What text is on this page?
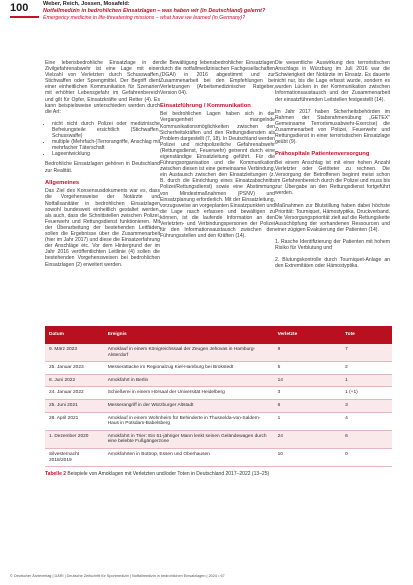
100	Weber, Reich, Jossen, Mosafeld:
Notfallmedizin in bedrohlichen Einsatzlagen – was haben wir (in Deutschland) gelernt?
Emergency medicine in life-threatening missions – what have we learned (in Germany)?

Eine lebensbedrohliche Einsatzlage in der Zivilgefahrenabwehr ist eine Lage mit einer Vielzahl von Verletzten durch Schusswaffen, Stichwaffen oder Sprengmittel. Der Begriff dient einer einheitlichen Kommunikation für Szenarien mit erhöhter Lebensgefahr im Gefahrenbereich und gilt für Opfer, Einsatzkräfte und Retter (4). Es kann beispielsweise unterschieden werden durch die Art:

• nicht nicht durch Polizei oder medizinische Befreiungsteile ersichtlich (Stichwaffen, Schusswaffe)
• multiple (Mehrfach-)Terrorangriffe, Anschlag mit mehrfacher Täterschaft
• Lageentwicklung

Bedrohliche Einsatzlagen gehören in Deutschland zur Realität.

Allgemeines

Das Ziel des Konsensusdokuments war es, dass die Vorgehensweise der Notärzte und Notfallsanitäter in bedrohlichen Einsatzlagen sowohl bundesweit einheitlich gestaltet werden, als auch, dass die Schnittstellen zwischen Polizei, Feuerwehr und Rettungsdienst funktionieren. Mit der Überarbeitung der bestehenden Leitfäden sollen die Ergebnisse über die Zusammenarbeit (hier im Jahr 2017) und diese die Einsatzerfahrung der Anschläge etc. Vor dem Hintergrund der im Jahr 2016 veröffentlichten Leitlinie (4) sollen die bestehenden Vorgehensweisen bei bedrohlichen Einsatzlagen (2) erweitert werden.

die Bewältigung lebensbedrohlicher Einsatzlagen durch die notfallmedizinischen Fachgesellschaften (DGAI) in 2016 abgestimmt und zur Zusammenarbeit bei den Empfehlungen bei Verletzungen (Arbeitsmedizinischer Ratgeber, Version 04).

Einsatzführung / Kommunikation

Bei bedrohlichen Lagen haben sich in der Vergangenheit mangelnde Kommunikationsmöglichkeiten zwischen den Sicherheitskräften und den Rettungsdiensten als Problem dargestellt (7, 18). In Deutschland werden Polizei und nichtpolizeiliche Gefahrenabwehr (Rettungsdienst, Feuerwehr) getrennt durch eine eigenständige Einsatzleitung geführt. Für die Führungsorganisation und die Kommunikation zwischen diesen ist eine gemeinsame Verbindung, ein Austausch zwischen den Einsatzleitungen (z. B. durch die Einrichtung eines Einsatzabschnitts Polizei/Rettungsdienst) sowie eine Abstimmung von Mindestmaßnahmen (PSNV) und Einsatzplanung erforderlich. Mit der Einsatzleitung, vorzugsweise an vorgeplanten Einsatzpunkten und die Lage rasch erfassen und bewältigen zu können, ist die laufende Information an den Verletzten- und Verbindungspersonen der Polizei für den Informationsaustausch zwischen den Führungsstellen und den Kräften (14).

Die wesentliche Auswirkung des terroristischen Anschlags in Würzburg im Juli 2016 war die Schwierigkeit der Notärzte im Einsatz. Es dauerte nicht nur, bis die Lage erfasst wurde, sondern es wurden Lücken in der Kommunikation zwischen Informationsaustausch und der Zusammenarbeit der einsatzführenden Leitstellen festgestellt (14).

Im Jahr 2017 haben Sicherheitsbehörden im Rahmen der Stabsrahmenübung „GETEX" Gemeinsame Terrorismusabwehr-Exercise) die Zusammenarbeit von Polizei, Feuerwehr und Rettungsdienst in einer terroristischen Einsatzlage geübt (9).

Prähospitale Patientenversorgung

Bei einem Anschlag ist mit einer hohen Anzahl Verletzter oder Getöteter zu rechnen. Die Versorgung der Betroffenen beginnt meist schon im Gefahrenbereich durch die Polizei und muss bis zur Übergabe an den Rettungsdienst fortgeführt werden.

Maßnahmen zur Blutstillung haben dabei höchste Priorität: Tourniquet, Hämostyptika, Druckverband. Die Versorgungspriorität zielt auf die Rettungskette Ausschöpfung der vorhandenen Ressourcen und einer zügigen Evakuierung der Patienten (14).

1. Rasche Identifizierung der Patienten mit hohem Risiko für Verblutung und

2. Blutungskontrolle durch Tourniquet-Anlage an den Extremitäten oder Hämostyptika.

Datum	Ereignis	Verletzte	Tote
9. März 2023	Amoklauf in einem Königreichssaal der Zeugen Jehovas in Hamburg-Alsterdorf	9	7
25. Januar 2023	Messerattacke im Regionalzug Kiel-Hamburg bei Brokstedt	5	2
8. Juni 2022	Amokfahrt in Berlin	14	1
24. Januar 2022	Schießerei in einem Hörsaal der Universität Heidelberg	3	1 (+1)
25. Juni 2021	Messerangriff in der Würzburger Altstadt	6	3
28. April 2021	Amoklauf in einem Wohnheim für Behinderte in Thusnelda-von-Saldern-Haus in Potsdam-Babelsberg	1	4
1. Dezember 2020	Amokfahrt in Trier: Ein 51-jähriger Mann lenkt seinen Geländewagen durch eine belebte Fußgängerzone	24	6
Silvesternacht 2018/2019	Amokfahrten in Bottrop, Essen und Oberhausen	10	0
Tabelle 2 Beispiele von Amoklagen mit Verletzten und/oder Toten in Deutschland 2017–2022 (13–25)
© Deutscher Ärzteverlag | DÄRI | Deutsche Zeitschrift für Sportmedizin | Notfallmedizin in bedrohlichen Einsatzlagen | 2024 • 67
